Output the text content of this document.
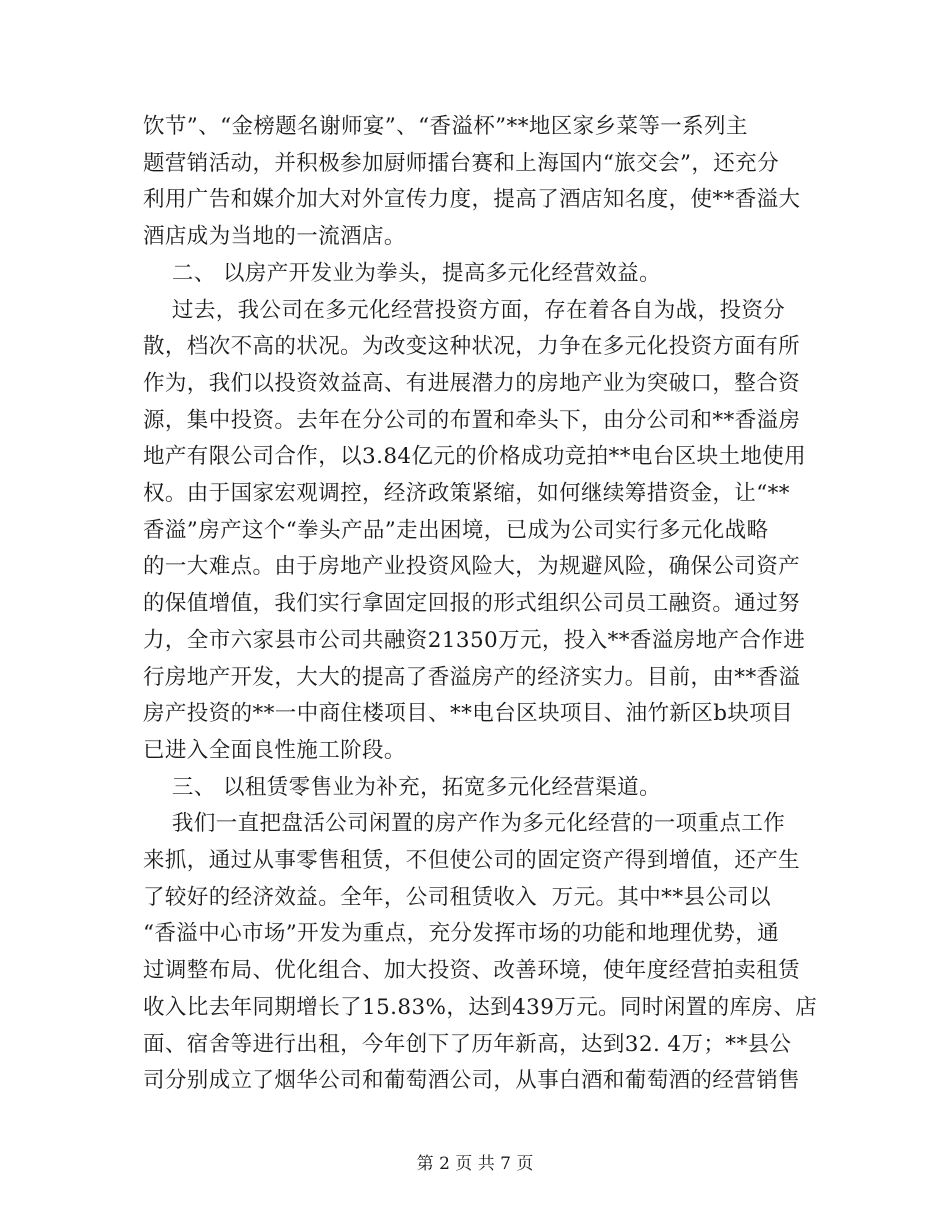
饮节”、“金榜题名谢师宴”、“香溢杯”**地区家乡菜等一系列主
题营销活动，并积极参加厨师擂台赛和上海国内“旅交会”，还充分
利用广告和媒介加大对外宣传力度，提高了酒店知名度，使**香溢大
酒店成为当地的一流酒店。
二、 以房产开发业为拳头，提高多元化经营效益。
过去，我公司在多元化经营投资方面，存在着各自为战，投资分
散，档次不高的状况。为改变这种状况，力争在多元化投资方面有所
作为，我们以投资效益高、有进展潜力的房地产业为突破口，整合资
源，集中投资。去年在分公司的布置和牵头下，由分公司和**香溢房
地产有限公司合作，以3.84亿元的价格成功竞拍**电台区块土地使用
权。由于国家宏观调控，经济政策紧缩，如何继续筹措资金，让“**
香溢”房产这个“拳头产品”走出困境，已成为公司实行多元化战略
的一大难点。由于房地产业投资风险大，为规避风险，确保公司资产
的保值增值，我们实行拿固定回报的形式组织公司员工融资。通过努
力，全市六家县市公司共融资21350万元，投入**香溢房地产合作进
行房地产开发，大大的提高了香溢房产的经济实力。目前，由**香溢
房产投资的**一中商住楼项目、**电台区块项目、油竹新区b块项目
已进入全面良性施工阶段。
三、 以租赁零售业为补充，拓宽多元化经营渠道。
我们一直把盘活公司闲置的房产作为多元化经营的一项重点工作
来抓，通过从事零售租赁，不但使公司的固定资产得到增值，还产生
了较好的经济效益。全年，公司租赁收入  万元。其中**县公司以
“香溢中心市场”开发为重点，充分发挥市场的功能和地理优势，通
过调整布局、优化组合、加大投资、改善环境，使年度经营拍卖租赁
收入比去年同期增长了15.83%，达到439万元。同时闲置的库房、店
面、宿舍等进行出租，今年创下了历年新高，达到32. 4万；**县公
司分别成立了烟华公司和葡萄酒公司，从事白酒和葡萄酒的经营销售
第 2 页 共 7 页
